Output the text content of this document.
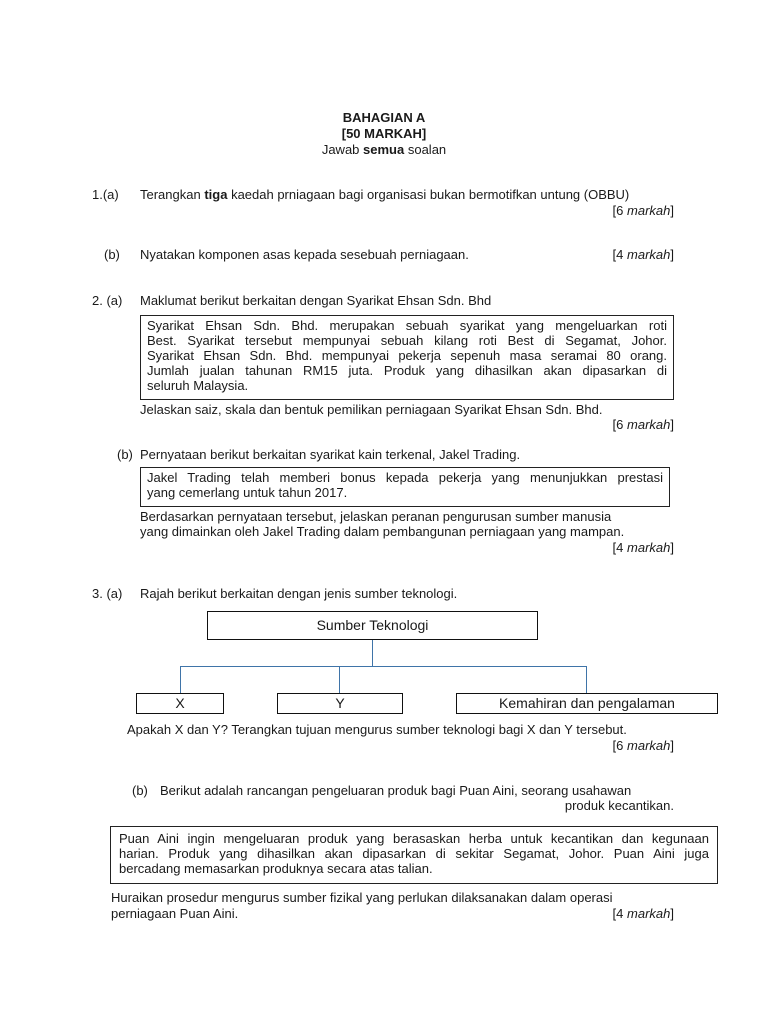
BAHAGIAN A
[50 MARKAH]
Jawab semua soalan
1.(a) Terangkan tiga kaedah prniagaan bagi organisasi bukan bermotifkan untung (OBBU)
[6 markah]
(b) Nyatakan komponen asas kepada sesebuah perniagaan.	[4 markah]
2. (a) Maklumat berikut berkaitan dengan Syarikat Ehsan Sdn. Bhd
Syarikat Ehsan Sdn. Bhd. merupakan sebuah syarikat yang mengeluarkan roti
Best. Syarikat tersebut mempunyai sebuah kilang roti Best di Segamat, Johor.
Syarikat Ehsan Sdn. Bhd. mempunyai pekerja sepenuh masa seramai 80 orang.
Jumlah jualan tahunan RM15 juta. Produk yang dihasilkan akan dipasarkan di
seluruh Malaysia.
Jelaskan saiz, skala dan bentuk pemilikan perniagaan Syarikat Ehsan Sdn. Bhd.
[6 markah]
(b) Pernyataan berikut berkaitan syarikat kain terkenal, Jakel Trading.
Jakel Trading telah memberi bonus kepada pekerja yang menunjukkan prestasi
yang cemerlang untuk tahun 2017.
Berdasarkan pernyataan tersebut, jelaskan peranan pengurusan sumber manusia
yang dimainkan oleh Jakel Trading dalam pembangunan perniagaan yang mampan.
[4 markah]
3. (a) Rajah berikut berkaitan dengan jenis sumber teknologi.
Sumber Teknologi
X	Y	Kemahiran dan pengalaman
Apakah X dan Y? Terangkan tujuan mengurus sumber teknologi bagi X dan Y tersebut.
[6 markah]
(b) Berikut adalah rancangan pengeluaran produk bagi Puan Aini, seorang usahawan
produk kecantikan.
Puan Aini ingin mengeluaran produk yang berasaskan herba untuk kecantikan dan kegunaan
harian. Produk yang dihasilkan akan dipasarkan di sekitar Segamat, Johor. Puan Aini juga
bercadang memasarkan produknya secara atas talian.
Huraikan prosedur mengurus sumber fizikal yang perlukan dilaksanakan dalam operasi
perniagaan Puan Aini.	[4 markah]
